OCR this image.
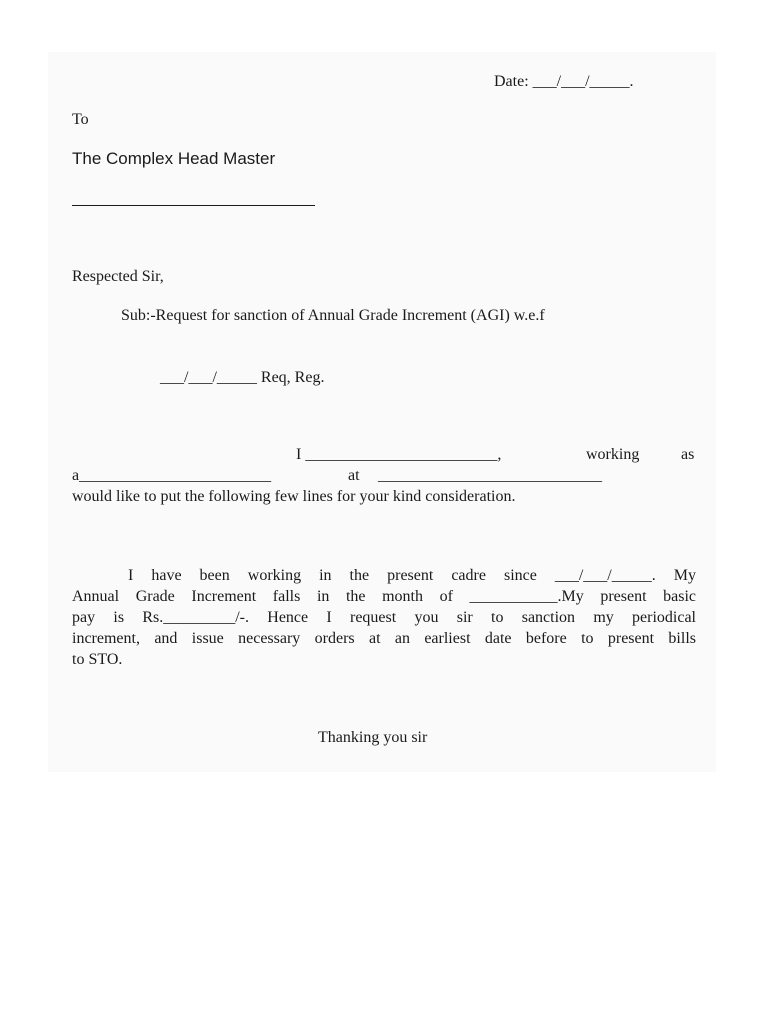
Date: ___/___/_____.
To
The Complex Head Master
Respected Sir,
Sub:-Request for sanction of Annual Grade Increment (AGI) w.e.f
___/___/_____ Req, Reg.
I ________________________,	working	as
a________________________	at ____________________________
would like to put the following few lines for your kind consideration.
I have been working in the present cadre since ___/___/_____. My
Annual Grade Increment falls in the month of ___________.My present basic
pay is Rs._________/-. Hence I request you sir to sanction my periodical
increment, and issue necessary orders at an earliest date before to present bills
to STO.
Thanking you sir
